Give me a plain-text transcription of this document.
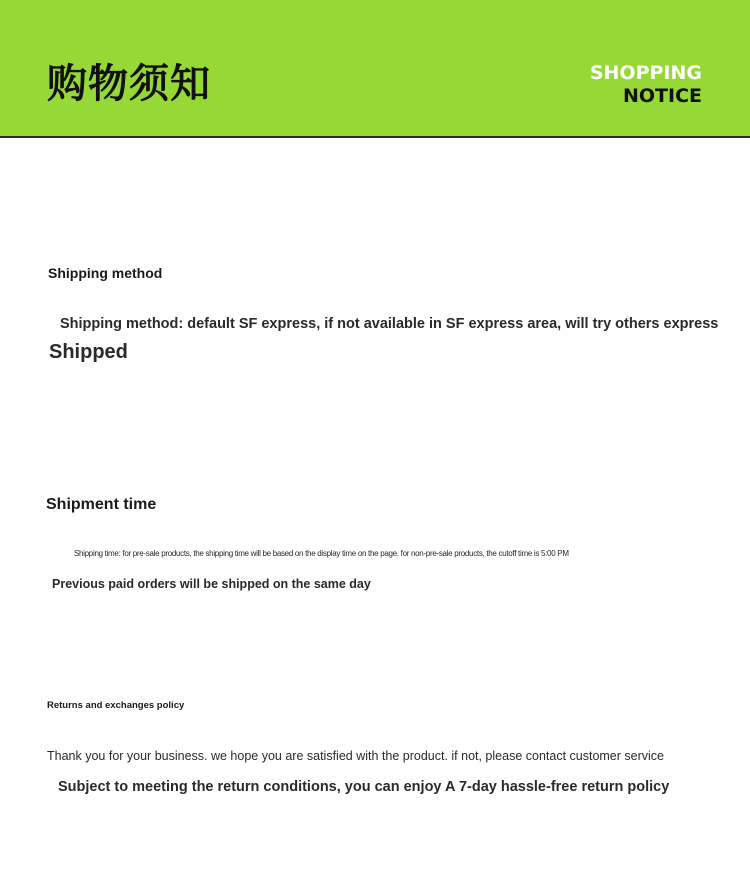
购物须知	SHOPPING
NOTICE
Shipping method
Shipping method: default SF express, if not available in SF express area, will try others express
Shipped
Shipment time
Shipping time: for pre-sale products, the shipping time will be based on the display time on the page. for non-pre-sale products, the cutoff time is 5:00 PM
Previous paid orders will be shipped on the same day
Returns and exchanges policy
Thank you for your business. we hope you are satisfied with the product. if not, please contact customer service
Subject to meeting the return conditions, you can enjoy A 7-day hassle-free return policy
